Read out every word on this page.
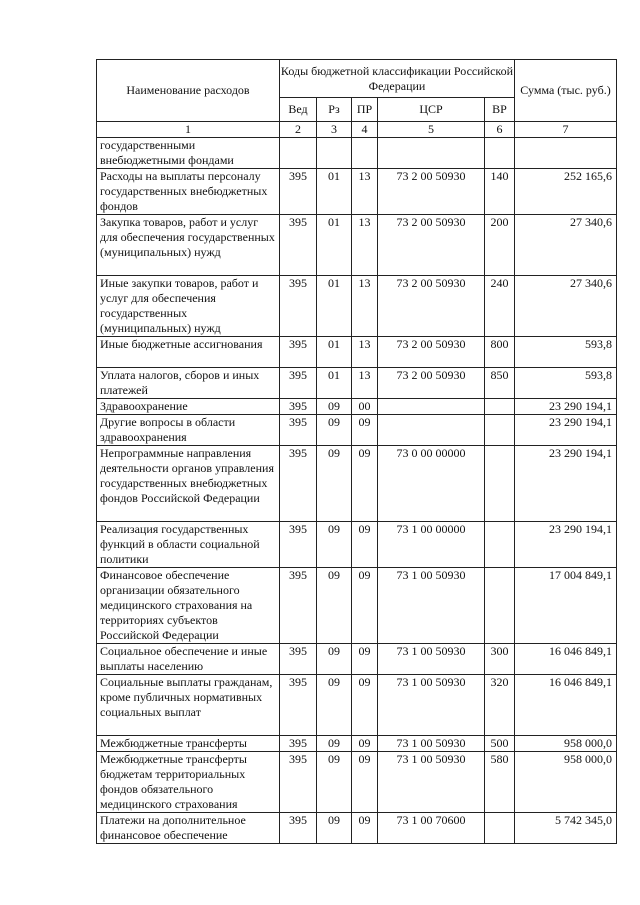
Наименование расходов	Коды бюджетной классификации Российской Федерации					Сумма (тыс. руб.)
	Вед	Рз	ПР	ЦСР	ВР	
1	2	3	4	5	6	7
государственными внебюджетными фондами						
Расходы на выплаты персоналу государственных внебюджетных фондов	395	01	13	73 2 00 50930	140	252 165,6
Закупка товаров, работ и услуг для обеспечения государственных (муниципальных) нужд	395	01	13	73 2 00 50930	200	27 340,6
Иные закупки товаров, работ и услуг для обеспечения государственных (муниципальных) нужд	395	01	13	73 2 00 50930	240	27 340,6
Иные бюджетные ассигнования	395	01	13	73 2 00 50930	800	593,8
Уплата налогов, сборов и иных платежей	395	01	13	73 2 00 50930	850	593,8
Здравоохранение	395	09	00			23 290 194,1
Другие вопросы в области здравоохранения	395	09	09			23 290 194,1
Непрограммные направления деятельности органов управления государственных внебюджетных фондов Российской Федерации	395	09	09	73 0 00 00000		23 290 194,1
Реализация государственных функций в области социальной политики	395	09	09	73 1 00 00000		23 290 194,1
Финансовое обеспечение организации обязательного медицинского страхования на территориях субъектов Российской Федерации	395	09	09	73 1 00 50930		17 004 849,1
Социальное обеспечение и иные выплаты населению	395	09	09	73 1 00 50930	300	16 046 849,1
Социальные выплаты гражданам, кроме публичных нормативных социальных выплат	395	09	09	73 1 00 50930	320	16 046 849,1
Межбюджетные трансферты	395	09	09	73 1 00 50930	500	958 000,0
Межбюджетные трансферты бюджетам территориальных фондов обязательного медицинского страхования	395	09	09	73 1 00 50930	580	958 000,0
Платежи на дополнительное финансовое обеспечение	395	09	09	73 1 00 70600		5 742 345,0
